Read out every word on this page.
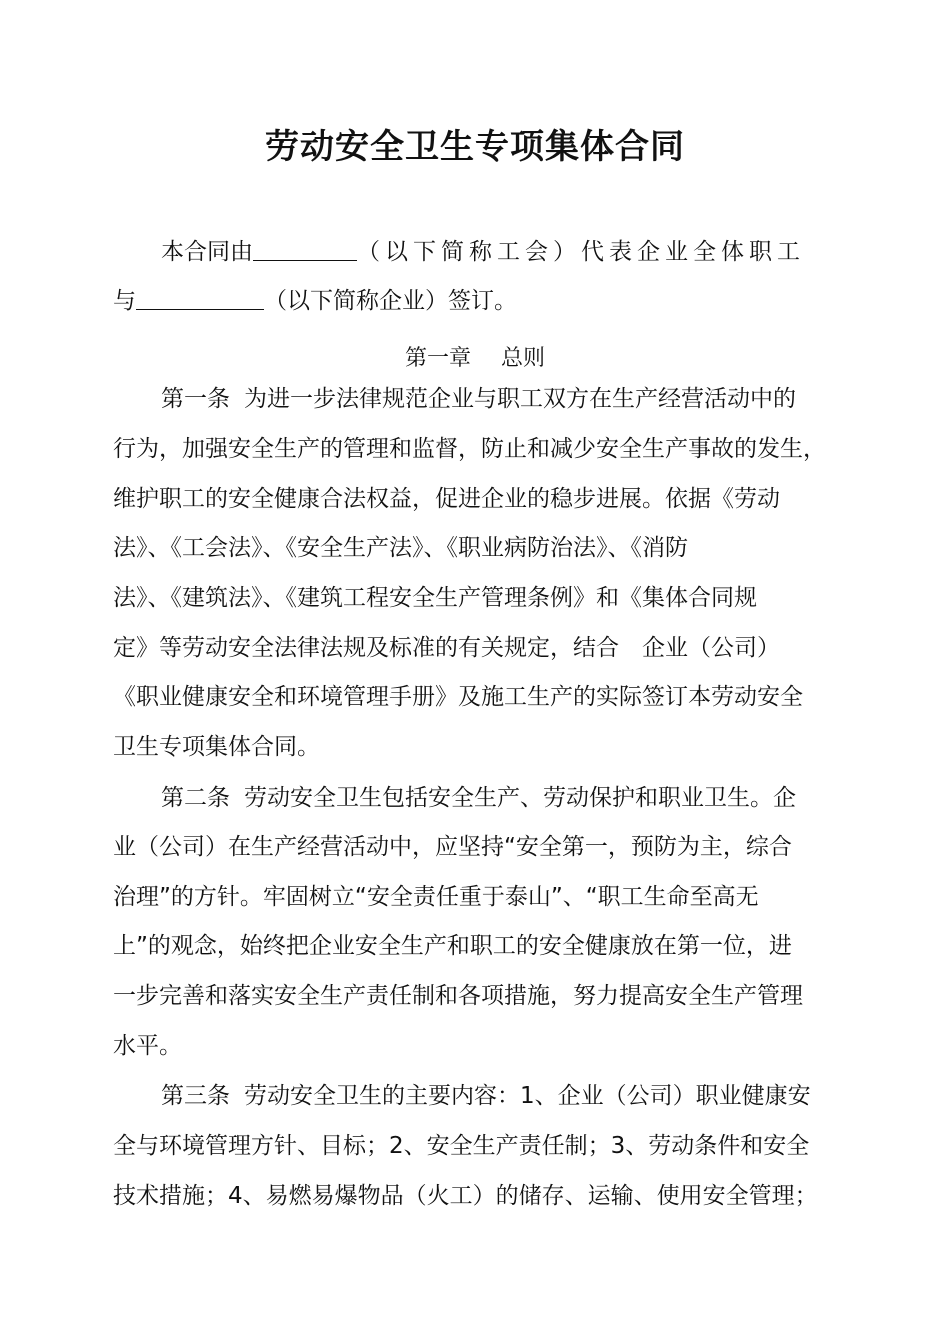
劳动安全卫生专项集体合同
本合同由	（以下简称工会）代表企业全体职工
与	（以下简称企业）签订。
第一章 总则
第一条 为进一步法律规范企业与职工双方在生产经营活动中的
行为，加强安全生产的管理和监督，防止和减少安全生产事故的发生，
维护职工的安全健康合法权益，促进企业的稳步进展。依据《劳动
法》、《工会法》、《安全生产法》、《职业病防治法》、《消防
法》、《建筑法》、《建筑工程安全生产管理条例》和《集体合同规
定》等劳动安全法律法规及标准的有关规定，结合　企业（公司）
《职业健康安全和环境管理手册》及施工生产的实际签订本劳动安全
卫生专项集体合同。
第二条 劳动安全卫生包括安全生产、劳动保护和职业卫生。企
业（公司）在生产经营活动中，应坚持“安全第一，预防为主，综合
治理”的方针。牢固树立“安全责任重于泰山”、“职工生命至高无
上”的观念，始终把企业安全生产和职工的安全健康放在第一位，进
一步完善和落实安全生产责任制和各项措施，努力提高安全生产管理
水平。
第三条 劳动安全卫生的主要内容：1、企业（公司）职业健康安
全与环境管理方针、目标；2、安全生产责任制；3、劳动条件和安全
技术措施；4、易燃易爆物品（火工）的储存、运输、使用安全管理；
